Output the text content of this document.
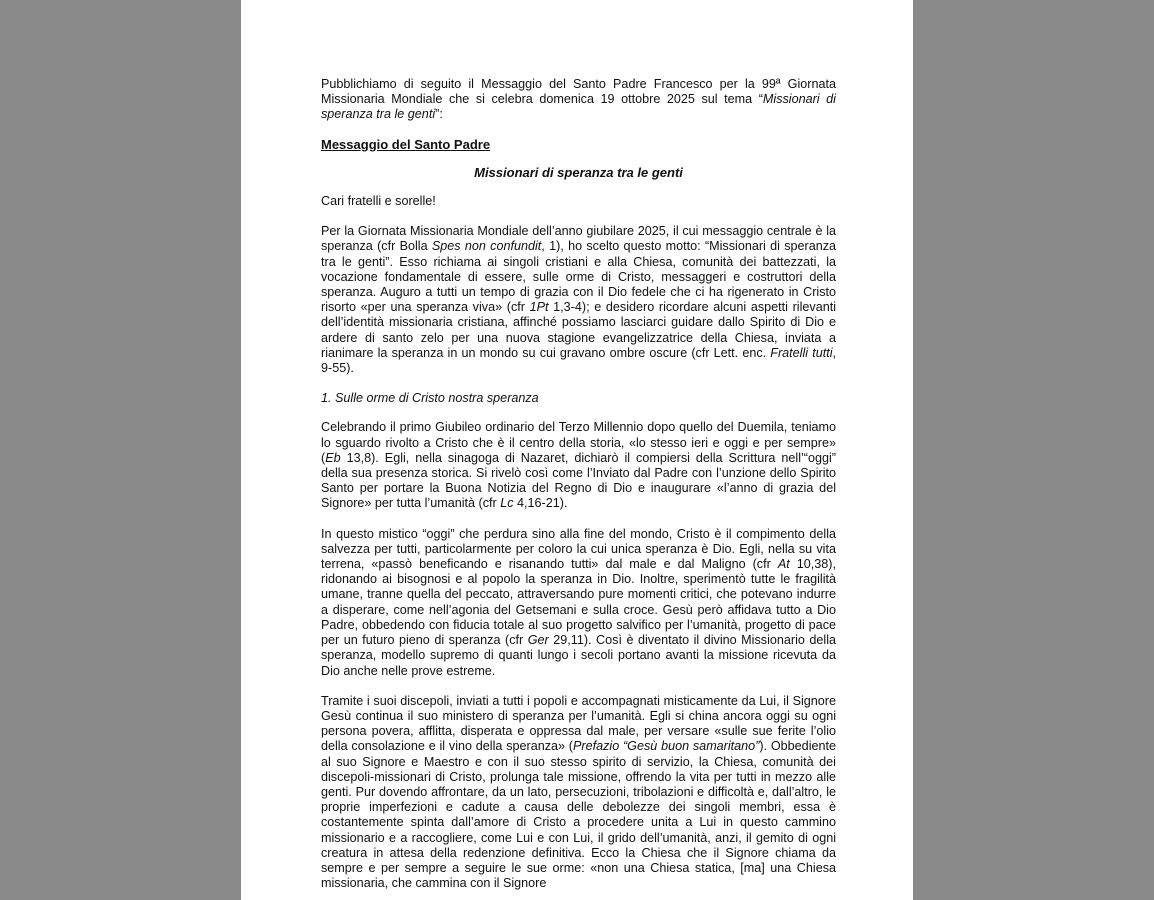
Pubblichiamo di seguito il Messaggio del Santo Padre Francesco per la 99ª Giornata Missionaria Mondiale che si celebra domenica 19 ottobre 2025 sul tema “Missionari di speranza tra le genti”:

Messaggio del Santo Padre

Missionari di speranza tra le genti

Cari fratelli e sorelle!

Per la Giornata Missionaria Mondiale dell’anno giubilare 2025, il cui messaggio centrale è la speranza (cfr Bolla Spes non confundit, 1), ho scelto questo motto: “Missionari di speranza tra le genti”. Esso richiama ai singoli cristiani e alla Chiesa, comunità dei battezzati, la vocazione fondamentale di essere, sulle orme di Cristo, messaggeri e costruttori della speranza. Auguro a tutti un tempo di grazia con il Dio fedele che ci ha rigenerato in Cristo risorto «per una speranza viva» (cfr 1Pt 1,3-4); e desidero ricordare alcuni aspetti rilevanti dell’identità missionaria cristiana, affinché possiamo lasciarci guidare dallo Spirito di Dio e ardere di santo zelo per una nuova stagione evangelizzatrice della Chiesa, inviata a rianimare la speranza in un mondo su cui gravano ombre oscure (cfr Lett. enc. Fratelli tutti, 9-55).

1. Sulle orme di Cristo nostra speranza

Celebrando il primo Giubileo ordinario del Terzo Millennio dopo quello del Duemila, teniamo lo sguardo rivolto a Cristo che è il centro della storia, «lo stesso ieri e oggi e per sempre» (Eb 13,8). Egli, nella sinagoga di Nazaret, dichiarò il compiersi della Scrittura nell’“oggi” della sua presenza storica. Si rivelò così come l’Inviato dal Padre con l’unzione dello Spirito Santo per portare la Buona Notizia del Regno di Dio e inaugurare «l’anno di grazia del Signore» per tutta l’umanità (cfr Lc 4,16-21).

In questo mistico “oggi” che perdura sino alla fine del mondo, Cristo è il compimento della salvezza per tutti, particolarmente per coloro la cui unica speranza è Dio. Egli, nella su vita terrena, «passò beneficando e risanando tutti» dal male e dal Maligno (cfr At 10,38), ridonando ai bisognosi e al popolo la speranza in Dio. Inoltre, sperimentò tutte le fragilità umane, tranne quella del peccato, attraversando pure momenti critici, che potevano indurre a disperare, come nell’agonia del Getsemani e sulla croce. Gesù però affidava tutto a Dio Padre, obbedendo con fiducia totale al suo progetto salvifico per l’umanità, progetto di pace per un futuro pieno di speranza (cfr Ger 29,11). Così è diventato il divino Missionario della speranza, modello supremo di quanti lungo i secoli portano avanti la missione ricevuta da Dio anche nelle prove estreme.

Tramite i suoi discepoli, inviati a tutti i popoli e accompagnati misticamente da Lui, il Signore Gesù continua il suo ministero di speranza per l’umanità. Egli si china ancora oggi su ogni persona povera, afflitta, disperata e oppressa dal male, per versare «sulle sue ferite l’olio della consolazione e il vino della speranza» (Prefazio “Gesù buon samaritano”). Obbediente al suo Signore e Maestro e con il suo stesso spirito di servizio, la Chiesa, comunità dei discepoli-missionari di Cristo, prolunga tale missione, offrendo la vita per tutti in mezzo alle genti. Pur dovendo affrontare, da un lato, persecuzioni, tribolazioni e difficoltà e, dall’altro, le proprie imperfezioni e cadute a causa delle debolezze dei singoli membri, essa è costantemente spinta dall’amore di Cristo a procedere unita a Lui in questo cammino missionario e a raccogliere, come Lui e con Lui, il grido dell’umanità, anzi, il gemito di ogni creatura in attesa della redenzione definitiva. Ecco la Chiesa che il Signore chiama da sempre e per sempre a seguire le sue orme: «non una Chiesa statica, [ma] una Chiesa missionaria, che cammina con il Signore
